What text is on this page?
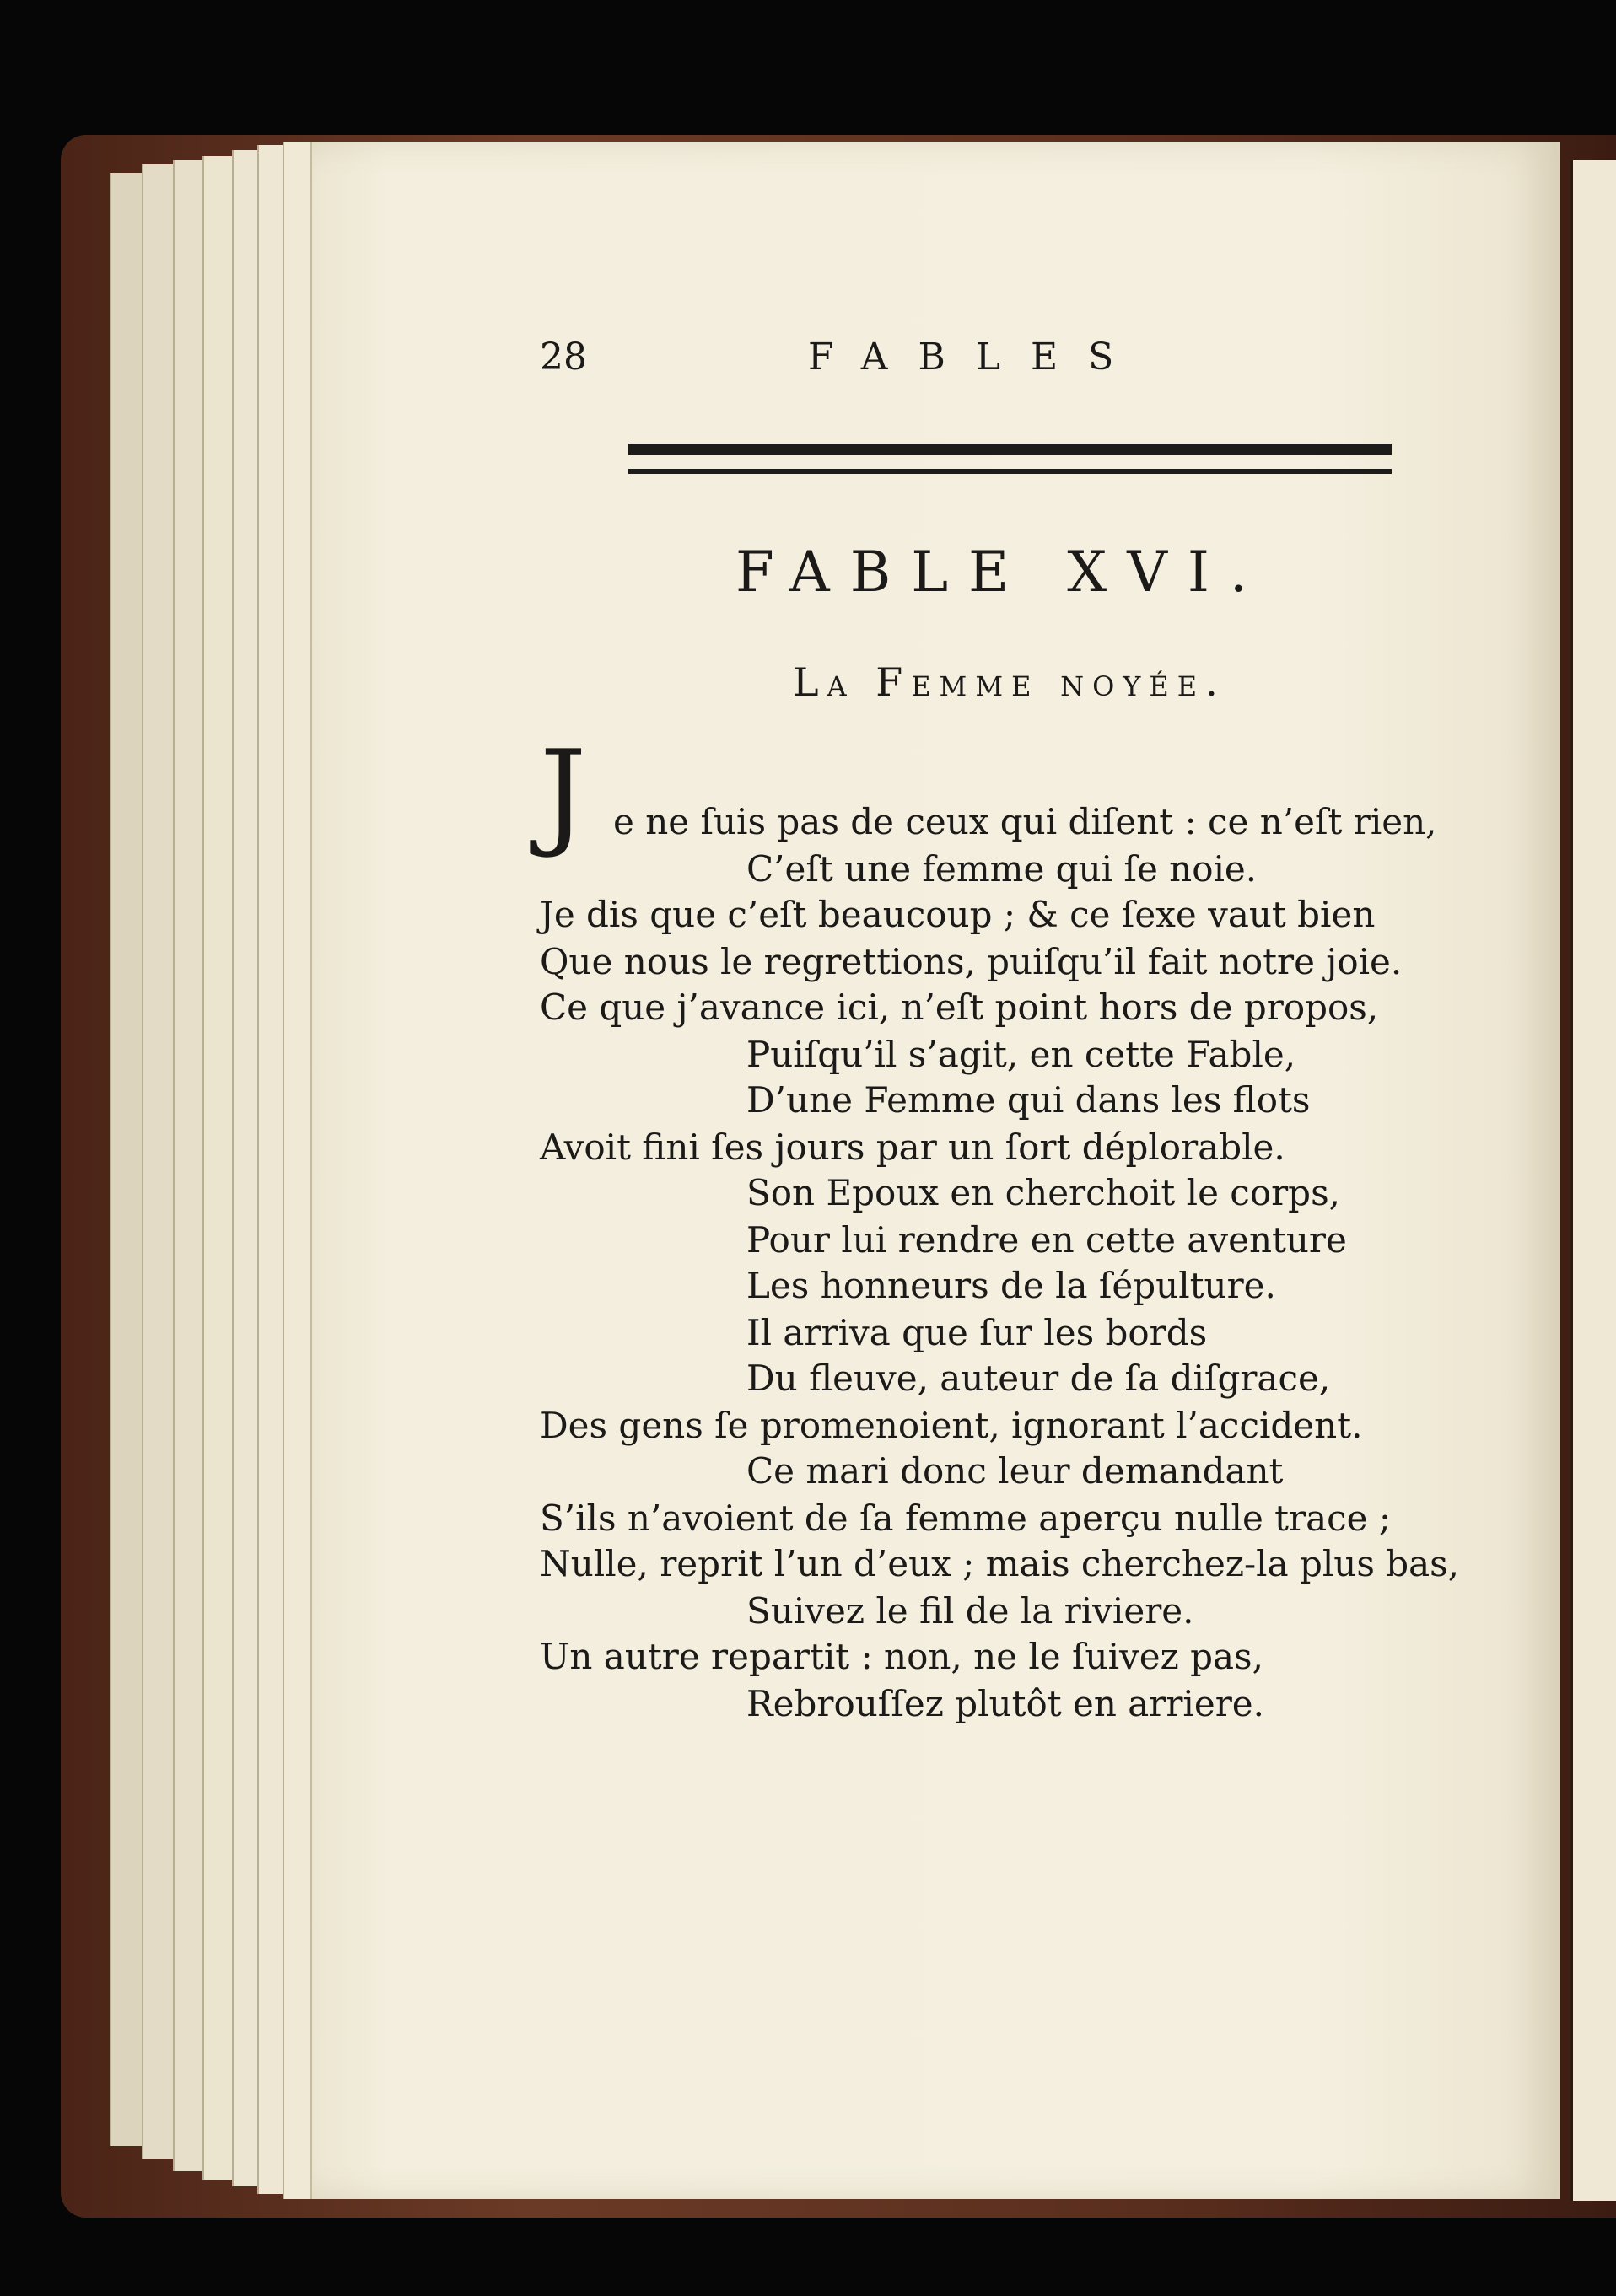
28	FABLES
FABLE XVI.
La Femme noyée.
J e ne ſuis pas de ceux qui diſent : ce n’eſt rien,
C’eſt une femme qui ſe noie.
Je dis que c’eſt beaucoup ; & ce ſexe vaut bien
Que nous le regrettions, puiſqu’il fait notre joie.
Ce que j’avance ici, n’eſt point hors de propos,
Puiſqu’il s’agit, en cette Fable,
D’une Femme qui dans les flots
Avoit fini ſes jours par un ſort déplorable.
Son Epoux en cherchoit le corps,
Pour lui rendre en cette aventure
Les honneurs de la ſépulture.
Il arriva que ſur les bords
Du fleuve, auteur de ſa diſgrace,
Des gens ſe promenoient, ignorant l’accident.
Ce mari donc leur demandant
S’ils n’avoient de ſa femme aperçu nulle trace ;
Nulle, reprit l’un d’eux ; mais cherchez-la plus bas,
Suivez le fil de la riviere.
Un autre repartit : non, ne le ſuivez pas,
Rebrouſſez plutôt en arriere.
